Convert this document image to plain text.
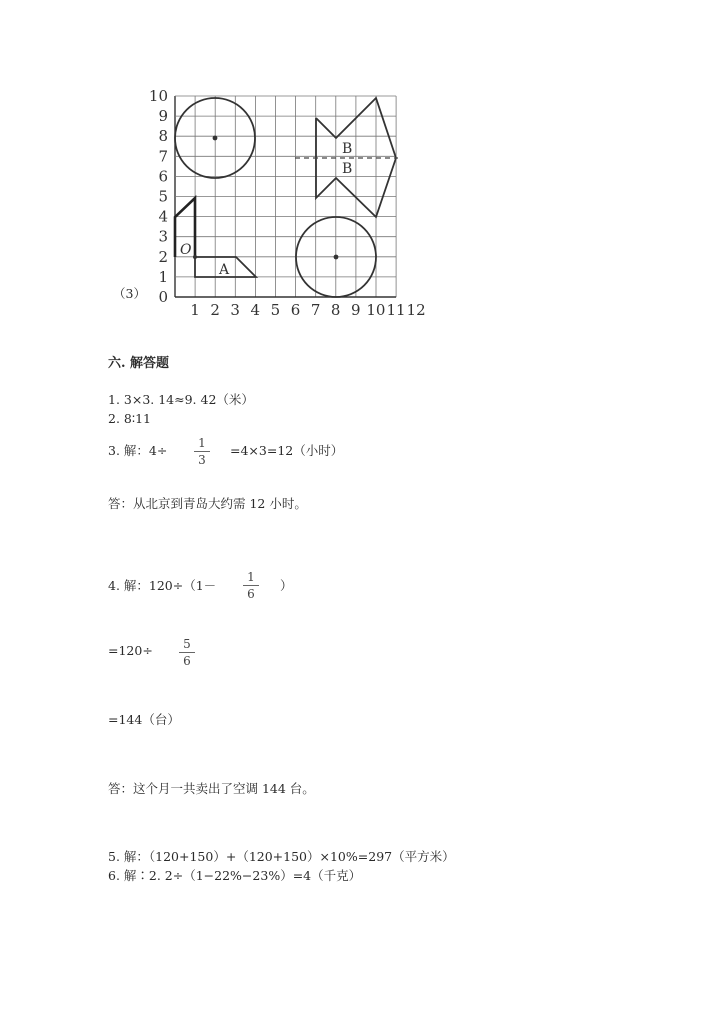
10
9
8
7
6
5
4
3
2
1
0
1 2 3 4 5 6 7 8 9 10 11 12
B
B
A
O
（3）
六. 解答题
1. 3×3. 14≈9. 42（米）
2. 8∶11
3. 解：4÷	1
3
=4×3=12（小时）
答：从北京到青岛大约需 12 小时。
4. 解：120÷（1－
1
6
）
=120÷	5
6
=144（台）
答：这个月一共卖出了空调 144 台。
5. 解：（120+150）+（120+150）×10%=297（平方米）
6. 解∶2. 2÷（1−22%−23%）=4（千克）
